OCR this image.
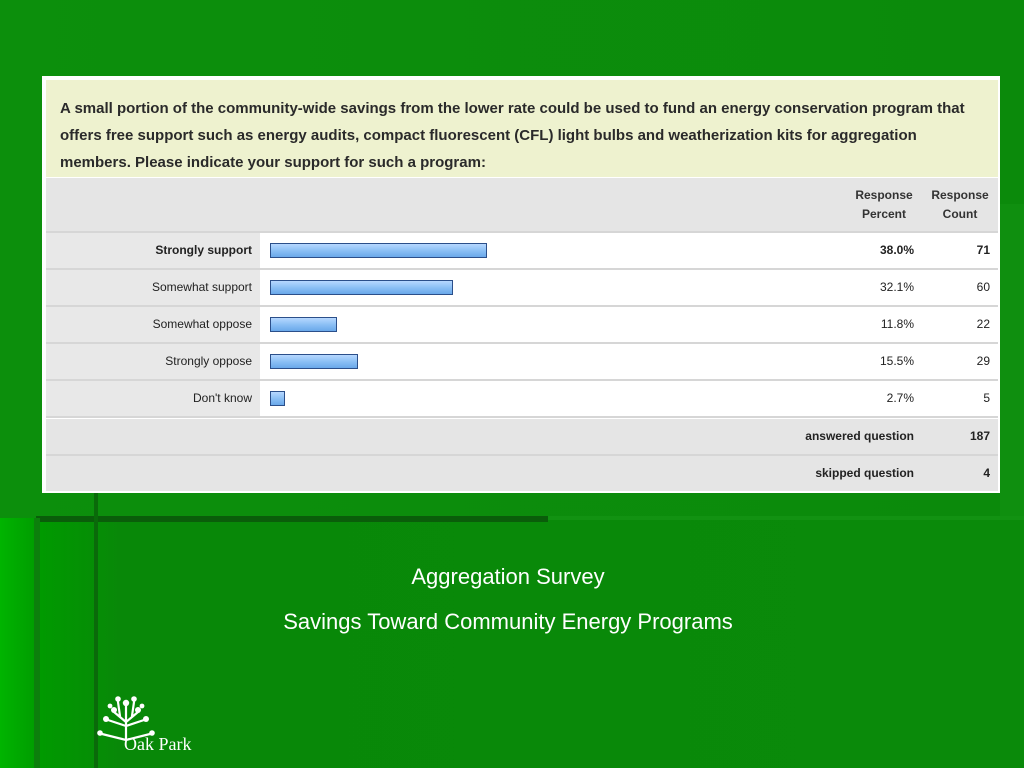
A small portion of the community-wide savings from the lower rate could be used to fund an energy conservation program that offers free support such as energy audits, compact fluorescent (CFL) light bulbs and weatherization kits for aggregation members. Please indicate your support for such a program:
Response Percent
Response Count
Strongly support	38.0%	71
Somewhat support	32.1%	60
Somewhat oppose	11.8%	22
Strongly oppose	15.5%	29
Don't know	2.7%	5
answered question	187
skipped question	4
Aggregation Survey
Savings Toward Community Energy Programs
Oak Park
